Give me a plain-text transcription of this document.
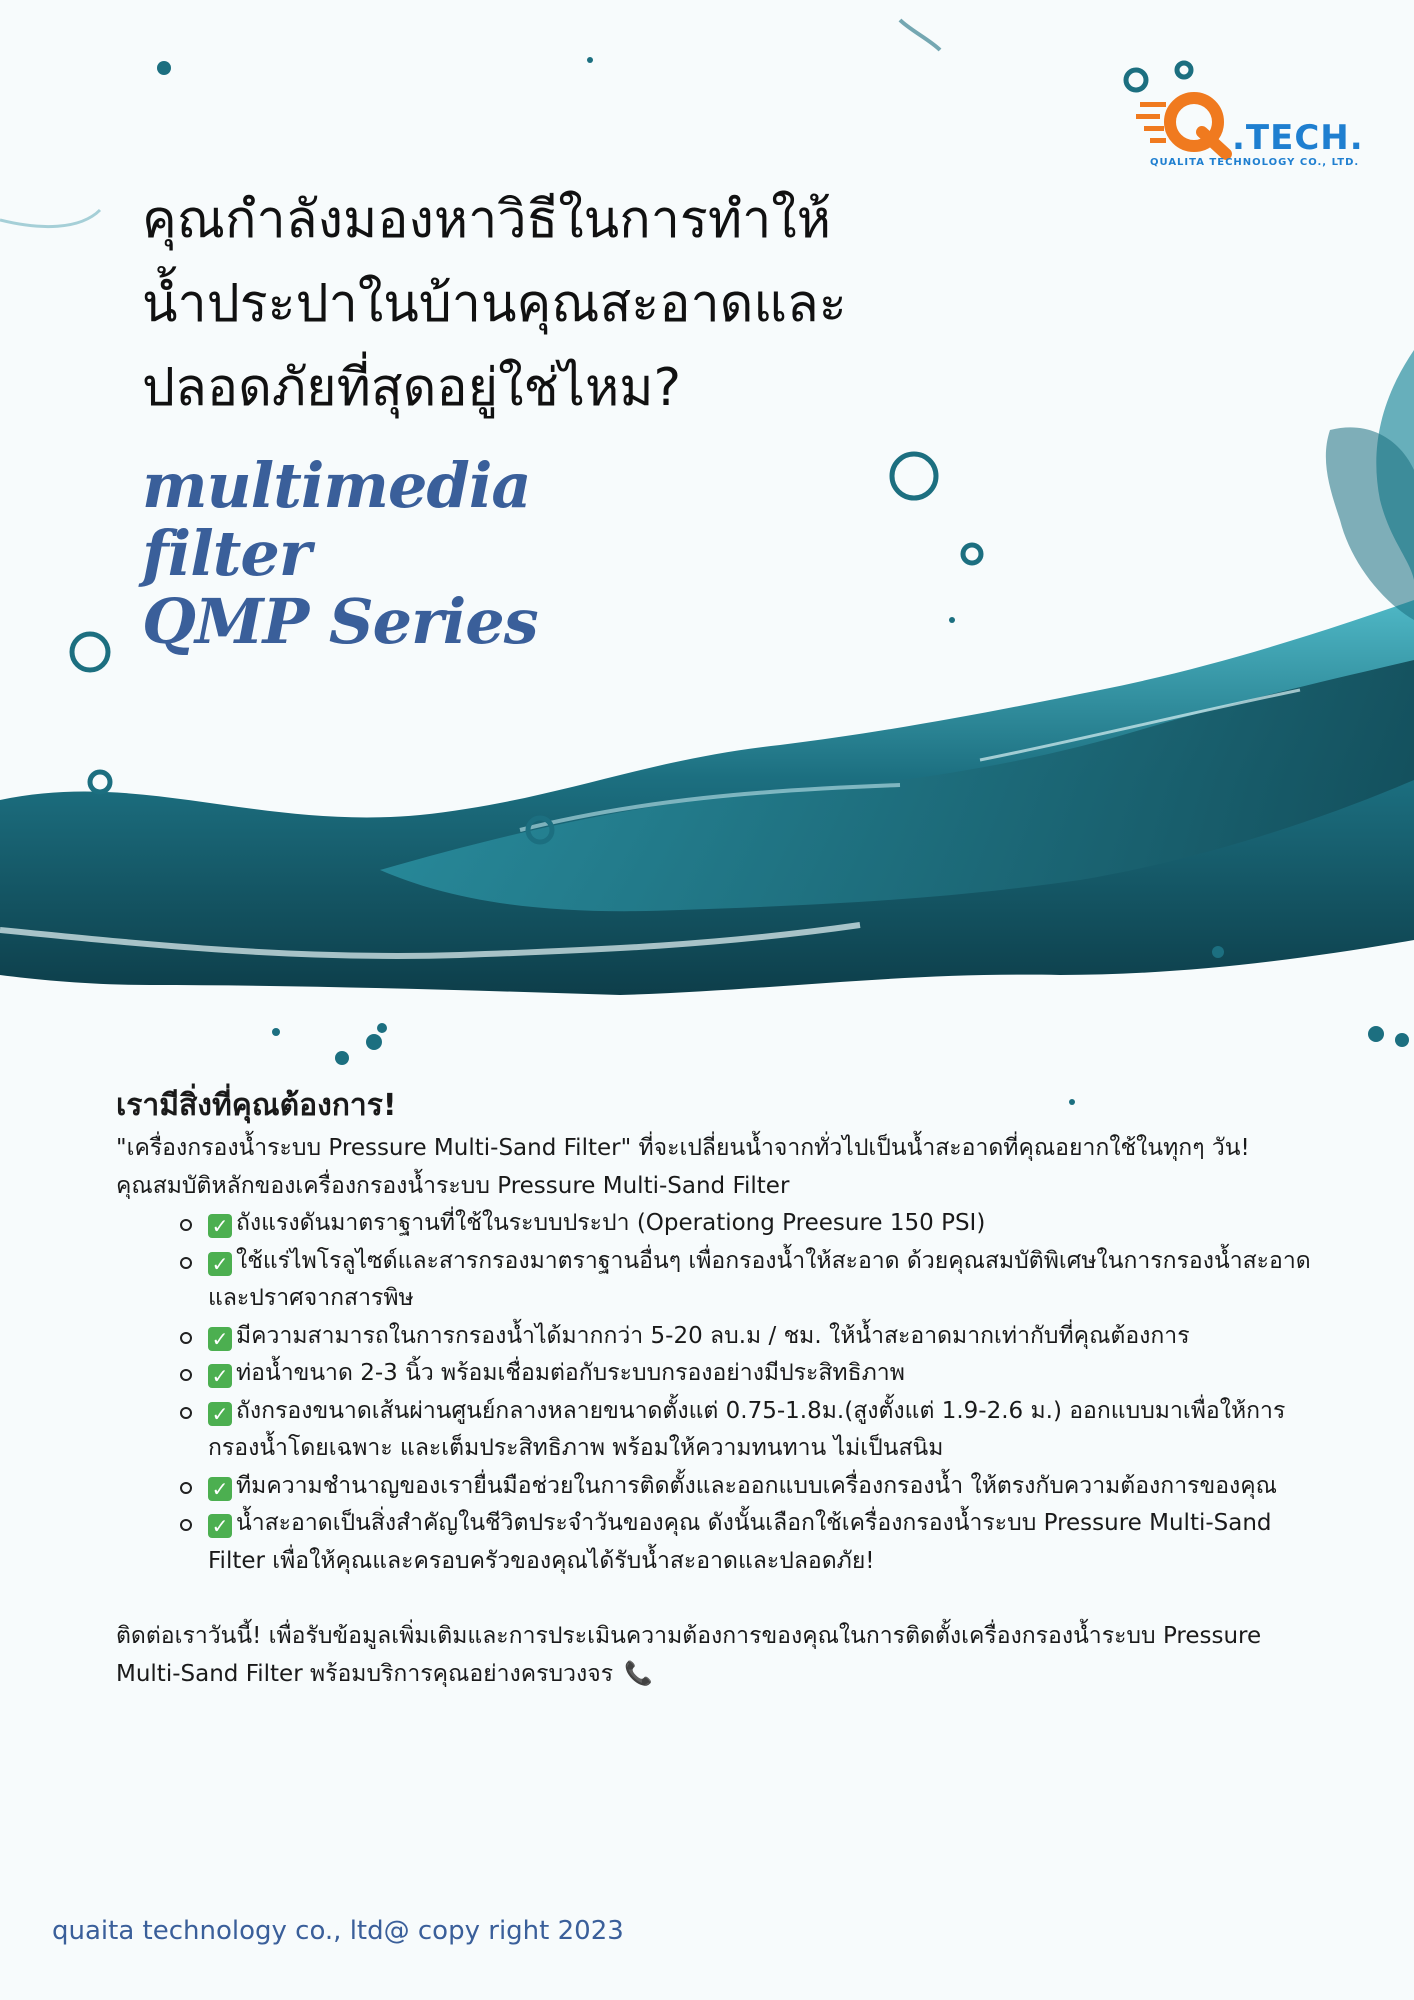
.TECH.
QUALITA TECHNOLOGY CO., LTD.
คุณกำลังมองหาวิธีในการทำให้
น้ำประปาในบ้านคุณสะอาดและ
ปลอดภัยที่สุดอยู่ใช่ไหม?
multimedia
filter
QMP Series
เรามีสิ่งที่คุณต้องการ!

"เครื่องกรองน้ำระบบ Pressure Multi-Sand Filter" ที่จะเปลี่ยนน้ำจากทั่วไปเป็นน้ำสะอาดที่คุณอยากใช้ในทุกๆ วัน!คุณสมบัติหลักของเครื่องกรองน้ำระบบ Pressure Multi-Sand Filter

✓ ถังแรงดันมาตราฐานที่ใช้ในระบบประปา (Operationg Preesure 150 PSI)
✓ ใช้แร่ไพโรลูไซด์และสารกรองมาตราฐานอื่นๆ เพื่อกรองน้ำให้สะอาด ด้วยคุณสมบัติพิเศษในการกรองน้ำสะอาดและปราศจากสารพิษ
✓ มีความสามารถในการกรองน้ำได้มากกว่า 5-20 ลบ.ม / ชม. ให้น้ำสะอาดมากเท่ากับที่คุณต้องการ
✓ ท่อน้ำขนาด 2-3 นิ้ว พร้อมเชื่อมต่อกับระบบกรองอย่างมีประสิทธิภาพ
✓ ถังกรองขนาดเส้นผ่านศูนย์กลางหลายขนาดตั้งแต่ 0.75-1.8ม.(สูงตั้งแต่ 1.9-2.6 ม.) ออกแบบมาเพื่อให้การกรองน้ำโดยเฉพาะ และเต็มประสิทธิภาพ พร้อมให้ความทนทาน ไม่เป็นสนิม
✓ ทีมความชำนาญของเรายื่นมือช่วยในการติดตั้งและออกแบบเครื่องกรองน้ำ ให้ตรงกับความต้องการของคุณ
✓ น้ำสะอาดเป็นสิ่งสำคัญในชีวิตประจำวันของคุณ ดังนั้นเลือกใช้เครื่องกรองน้ำระบบ Pressure Multi-Sand Filter เพื่อให้คุณและครอบครัวของคุณได้รับน้ำสะอาดและปลอดภัย!

ติดต่อเราวันนี้! เพื่อรับข้อมูลเพิ่มเติมและการประเมินความต้องการของคุณในการติดตั้งเครื่องกรองน้ำระบบ Pressure Multi-Sand Filter พร้อมบริการคุณอย่างครบวงจร 📞

quaita technology co., ltd@ copy right 2023
